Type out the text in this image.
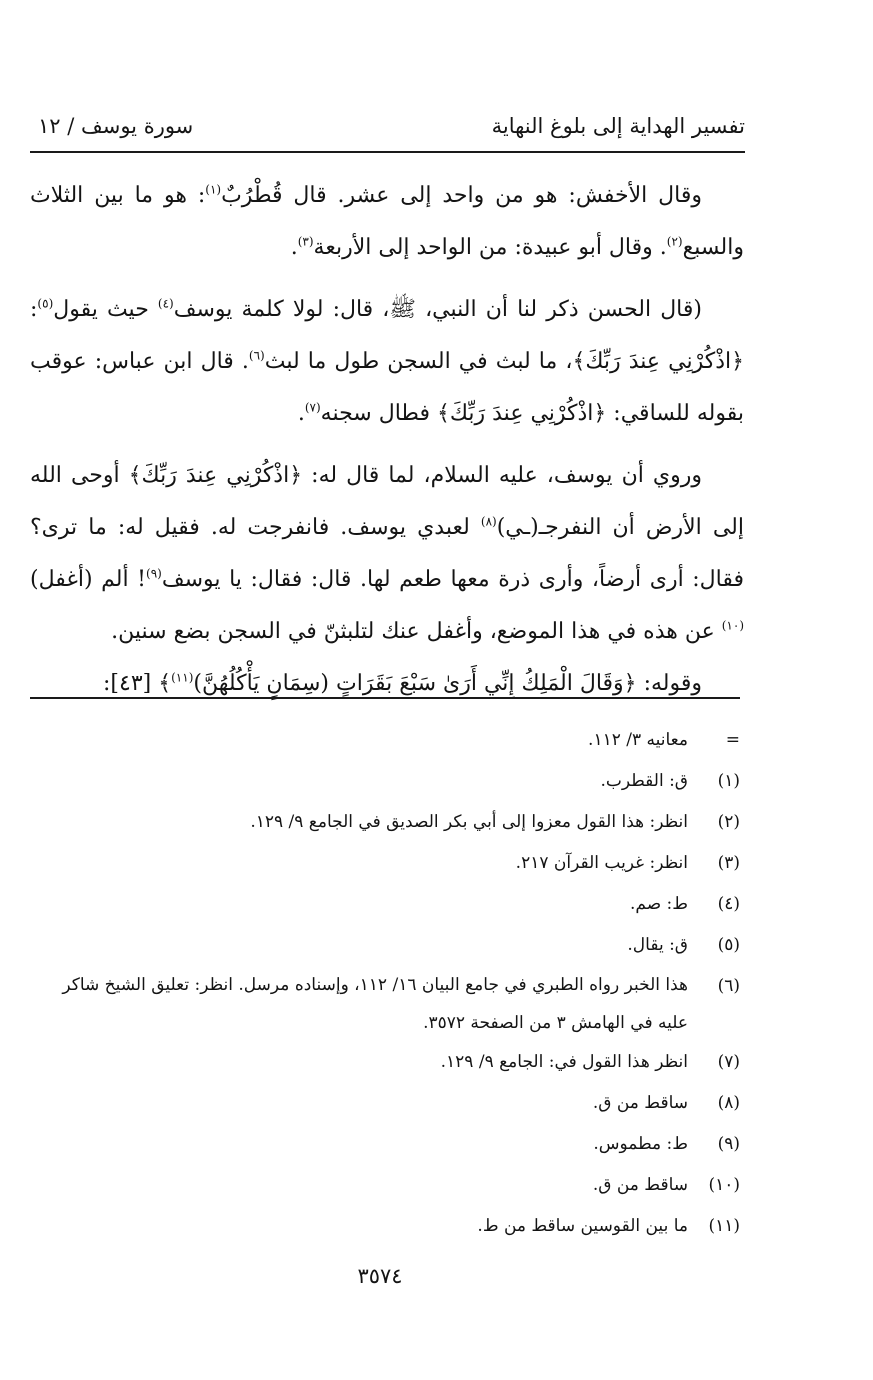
تفسير الهداية إلى بلوغ النهاية
سورة يوسف / ١٢

وقال الأخفش: هو من واحد إلى عشر. قال قُطْرُبٌ$^{(١)}$: هو ما بين الثلاث والسبع$^{(٢)}$. وقال أبو عبيدة: من الواحد إلى الأربعة$^{(٣)}$.

(قال الحسن ذكر لنا أن النبي، ﷺ، قال: لولا كلمة يوسف$^{(٤)}$ حيث يقول$^{(٥)}$: ﴿اذْكُرْنِي عِندَ رَبِّكَ﴾، ما لبث في السجن طول ما لبث$^{(٦)}$. قال ابن عباس: عوقب بقوله للساقي: ﴿اذْكُرْنِي عِندَ رَبِّكَ﴾ فطال سجنه$^{(٧)}$.

وروي أن يوسف، عليه السلام، لما قال له: ﴿اذْكُرْنِي عِندَ رَبِّكَ﴾ أوحى الله إلى الأرض أن النفرجـ(ـي)$^{(٨)}$ لعبدي يوسف. فانفرجت له. فقيل له: ما ترى؟ فقال: أرى أرضاً، وأرى ذرة معها طعم لها. قال: فقال: يا يوسف$^{(٩)}$! ألم (أغفل)$^{(١٠)}$ عن هذه في هذا الموضع، وأغفل عنك لتلبثنّ في السجن بضع سنين.

وقوله: ﴿وَقَالَ الْمَلِكُ إِنِّي أَرَىٰ سَبْعَ بَقَرَاتٍ (سِمَانٍ يَأْكُلُهُنَّ)$^{(١١)}$﴾ [٤٣]:

=
معانيه ٣/ ١١٢.
(١)
ق: القطرب.
(٢)
انظر: هذا القول معزوا إلى أبي بكر الصديق في الجامع ٩/ ١٢٩.
(٣)
انظر: غريب القرآن ٢١٧.
(٤)
ط: صم.
(٥)
ق: يقال.
(٦)
هذا الخبر رواه الطبري في جامع البيان ١٦/ ١١٢، وإسناده مرسل. انظر: تعليق الشيخ شاكر عليه في الهامش ٣ من الصفحة ٣٥٧٢.
(٧)
انظر هذا القول في: الجامع ٩/ ١٢٩.
(٨)
ساقط من ق.
(٩)
ط: مطموس.
(١٠)
ساقط من ق.
(١١)
ما بين القوسين ساقط من ط.
٣٥٧٤
